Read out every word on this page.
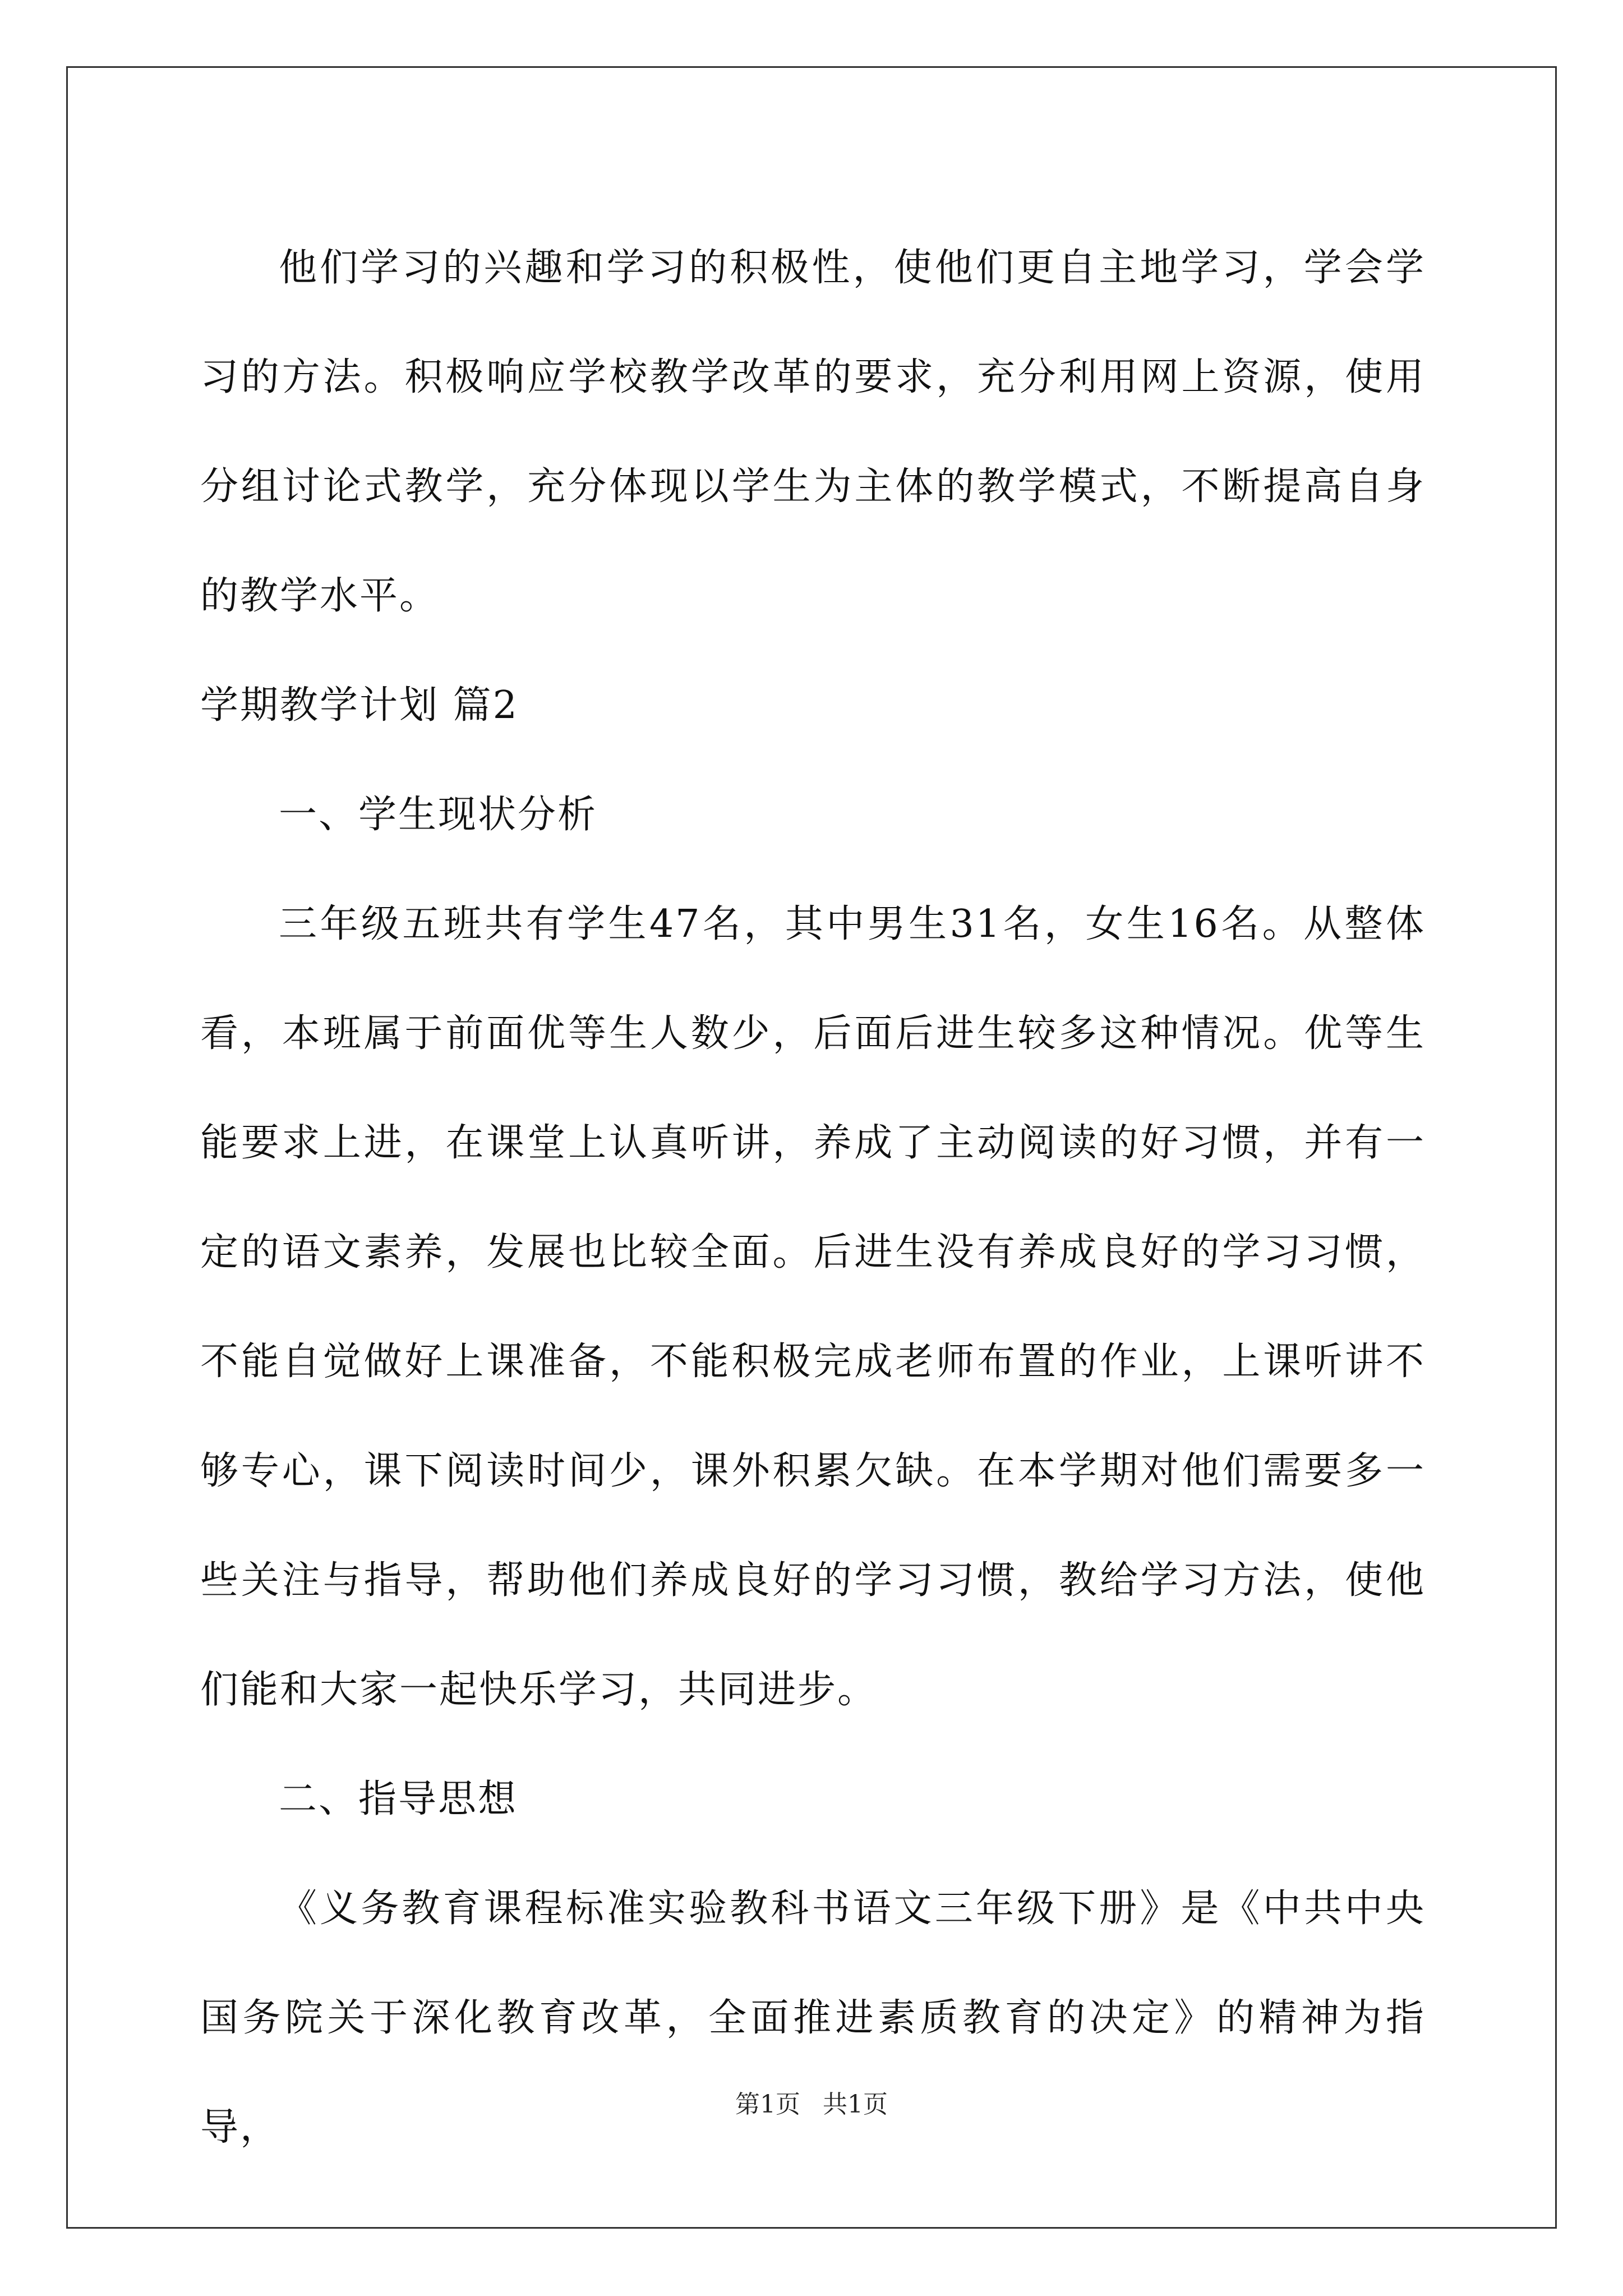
他们学习的兴趣和学习的积极性，使他们更自主地学习，学会学习的方法。积极响应学校教学改革的要求，充分利用网上资源，使用分组讨论式教学，充分体现以学生为主体的教学模式，不断提高自身的教学水平。

学期教学计划 篇2

一、学生现状分析

三年级五班共有学生47名，其中男生31名，女生16名。从整体看，本班属于前面优等生人数少，后面后进生较多这种情况。优等生能要求上进，在课堂上认真听讲，养成了主动阅读的好习惯，并有一定的语文素养，发展也比较全面。后进生没有养成良好的学习习惯，不能自觉做好上课准备，不能积极完成老师布置的作业，上课听讲不够专心，课下阅读时间少，课外积累欠缺。在本学期对他们需要多一些关注与指导，帮助他们养成良好的学习习惯，教给学习方法，使他们能和大家一起快乐学习，共同进步。

二、指导思想

《义务教育课程标准实验教科书语文三年级下册》是《中共中央国务院关于深化教育改革，全面推进素质教育的决定》的精神为指导，

第1页 共1页
